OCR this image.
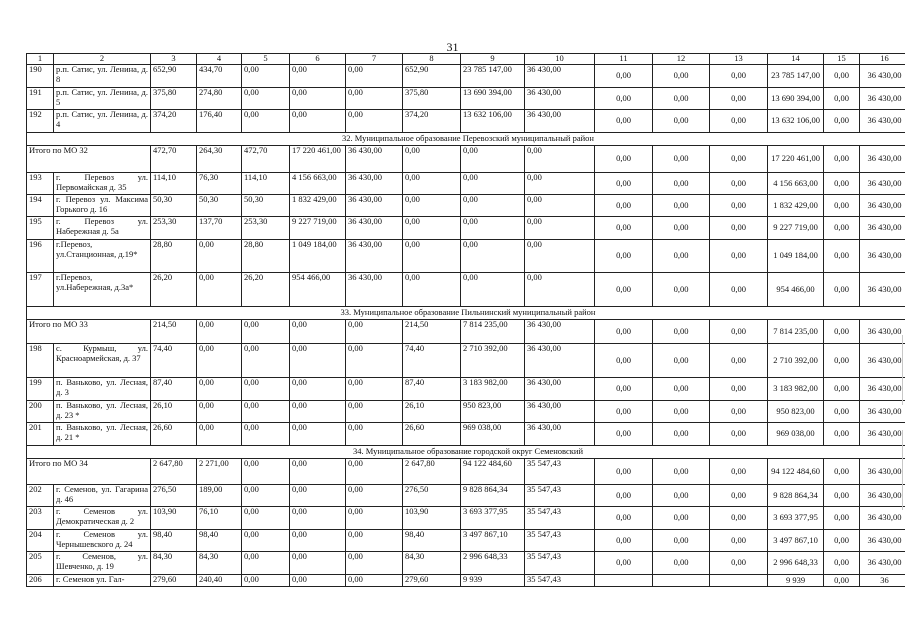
31
1	2	3	4	5	6	7	8	9	10	11	12	13	14	15	16
190	р.п. Сатис, ул. Ленина, д. 8	652,90	434,70	0,00	0,00	0,00	652,90	23 785 147,00	36 430,00	0,00	0,00	0,00	23 785 147,00	0,00	36 430,00
191	р.п. Сатис, ул. Ленина, д. 5	375,80	274,80	0,00	0,00	0,00	375,80	13 690 394,00	36 430,00	0,00	0,00	0,00	13 690 394,00	0,00	36 430,00
192	р.п. Сатис, ул. Ленина, д. 4	374,20	176,40	0,00	0,00	0,00	374,20	13 632 106,00	36 430,00	0,00	0,00	0,00	13 632 106,00	0,00	36 430,00
32. Муниципальное образование Перевозский муниципальный район															
Итого по МО 32		472,70	264,30	472,70	17 220 461,00	36 430,00	0,00	0,00	0,00	0,00	0,00	0,00	17 220 461,00	0,00	36 430,00
193	г. Перевоз ул. Первомайская д. 35	114,10	76,30	114,10	4 156 663,00	36 430,00	0,00	0,00	0,00	0,00	0,00	0,00	4 156 663,00	0,00	36 430,00
194	г. Перевоз ул. Максима Горького д. 16	50,30	50,30	50,30	1 832 429,00	36 430,00	0,00	0,00	0,00	0,00	0,00	0,00	1 832 429,00	0,00	36 430,00
195	г. Перевоз ул. Набережная д. 5а	253,30	137,70	253,30	9 227 719,00	36 430,00	0,00	0,00	0,00	0,00	0,00	0,00	9 227 719,00	0,00	36 430,00
196	г.Перевоз, ул.Станционная, д.19*	28,80	0,00	28,80	1 049 184,00	36 430,00	0,00	0,00	0,00	0,00	0,00	0,00	1 049 184,00	0,00	36 430,00
197	г.Перевоз, ул.Набережная, д.3а*	26,20	0,00	26,20	954 466,00	36 430,00	0,00	0,00	0,00	0,00	0,00	0,00	954 466,00	0,00	36 430,00
33. Муниципальное образование Пильнинский муниципальный район															
Итого по МО 33		214,50	0,00	0,00	0,00	0,00	214,50	7 814 235,00	36 430,00	0,00	0,00	0,00	7 814 235,00	0,00	36 430,00
198	с. Курмыш, ул. Красноармейская, д. 37	74,40	0,00	0,00	0,00	0,00	74,40	2 710 392,00	36 430,00	0,00	0,00	0,00	2 710 392,00	0,00	36 430,00
199	п. Ваньково, ул. Лесная, д. 3	87,40	0,00	0,00	0,00	0,00	87,40	3 183 982,00	36 430,00	0,00	0,00	0,00	3 183 982,00	0,00	36 430,00
200	п. Ваньково, ул. Лесная, д. 23 *	26,10	0,00	0,00	0,00	0,00	26,10	950 823,00	36 430,00	0,00	0,00	0,00	950 823,00	0,00	36 430,00
201	п. Ваньково, ул. Лесная, д. 21 *	26,60	0,00	0,00	0,00	0,00	26,60	969 038,00	36 430,00	0,00	0,00	0,00	969 038,00	0,00	36 430,00
34. Муниципальное образование городской округ Семеновский															
Итого по МО 34		2 647,80	2 271,00	0,00	0,00	0,00	2 647,80	94 122 484,60	35 547,43	0,00	0,00	0,00	94 122 484,60	0,00	36 430,00
202	г. Семенов, ул. Гагарина д. 46	276,50	189,00	0,00	0,00	0,00	276,50	9 828 864,34	35 547,43	0,00	0,00	0,00	9 828 864,34	0,00	36 430,00
203	г. Семенов ул. Демократическая д. 2	103,90	76,10	0,00	0,00	0,00	103,90	3 693 377,95	35 547,43	0,00	0,00	0,00	3 693 377,95	0,00	36 430,00
204	г. Семенов ул. Чернышевского д. 24	98,40	98,40	0,00	0,00	0,00	98,40	3 497 867,10	35 547,43	0,00	0,00	0,00	3 497 867,10	0,00	36 430,00
205	г. Семенов, ул. Шевченко, д. 19	84,30	84,30	0,00	0,00	0,00	84,30	2 996 648,33	35 547,43	0,00	0,00	0,00	2 996 648,33	0,00	36 430,00
206	г. Семенов ул. Гал-	279,60	240,40	0,00	0,00	0,00	279,60	9 939	35 547,43				9 939	0,00	36
